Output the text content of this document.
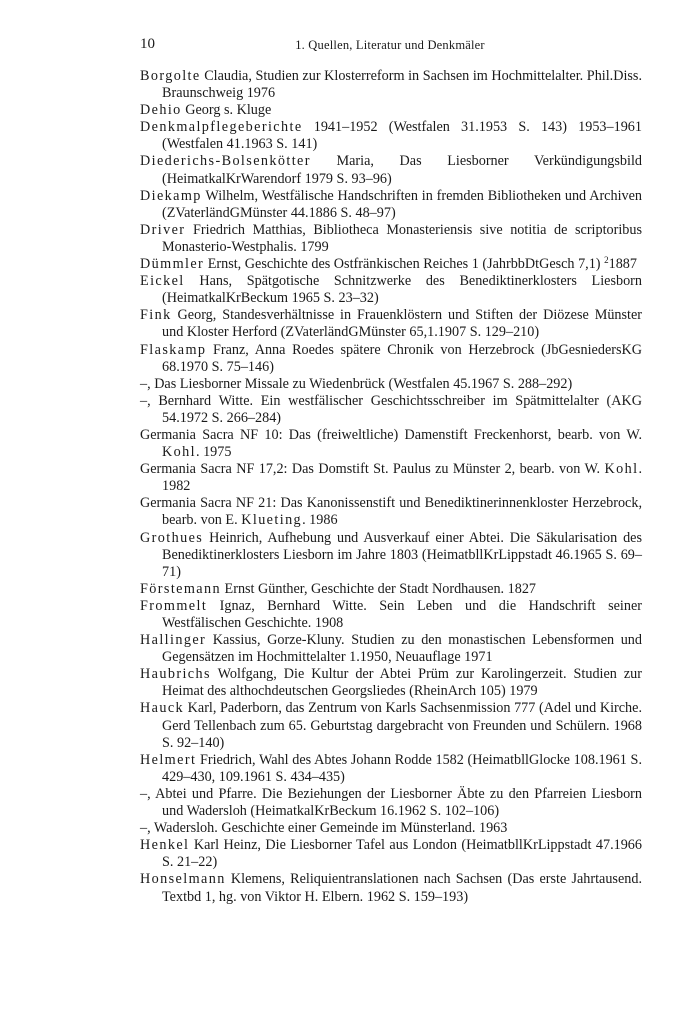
10	1. Quellen, Literatur und Denkmäler

Borgolte Claudia, Studien zur Klosterreform in Sachsen im Hochmittelalter. Phil.Diss. Braunschweig 1976

Dehio Georg s. Kluge

Denkmalpflegeberichte 1941–1952 (Westfalen 31.1953 S. 143) 1953–1961 (Westfalen 41.1963 S. 141)

Diederichs-Bolsenkötter Maria, Das Liesborner Verkündigungsbild (HeimatkalKrWarendorf 1979 S. 93–96)

Diekamp Wilhelm, Westfälische Handschriften in fremden Bibliotheken und Archiven (ZVaterländGMünster 44.1886 S. 48–97)

Driver Friedrich Matthias, Bibliotheca Monasteriensis sive notitia de scriptoribus Monasterio-Westphalis. 1799

Dümmler Ernst, Geschichte des Ostfränkischen Reiches 1 (JahrbbDtGesch 7,1) $^2$1887

Eickel Hans, Spätgotische Schnitzwerke des Benediktinerklosters Liesborn (HeimatkalKrBeckum 1965 S. 23–32)

Fink Georg, Standesverhältnisse in Frauenklöstern und Stiften der Diözese Münster und Kloster Herford (ZVaterländGMünster 65,1.1907 S. 129–210)

Flaskamp Franz, Anna Roedes spätere Chronik von Herzebrock (JbGesniedersKG 68.1970 S. 75–146)

–, Das Liesborner Missale zu Wiedenbrück (Westfalen 45.1967 S. 288–292)

–, Bernhard Witte. Ein westfälischer Geschichtsschreiber im Spätmittelalter (AKG 54.1972 S. 266–284)

Germania Sacra NF 10: Das (freiweltliche) Damenstift Freckenhorst, bearb. von W. Kohl. 1975

Germania Sacra NF 17,2: Das Domstift St. Paulus zu Münster 2, bearb. von W. Kohl. 1982

Germania Sacra NF 21: Das Kanonissenstift und Benediktinerinnenkloster Herzebrock, bearb. von E. Klueting. 1986

Grothues Heinrich, Aufhebung und Ausverkauf einer Abtei. Die Säkularisation des Benediktinerklosters Liesborn im Jahre 1803 (HeimatbllKrLippstadt 46.1965 S. 69–71)

Förstemann Ernst Günther, Geschichte der Stadt Nordhausen. 1827

Frommelt Ignaz, Bernhard Witte. Sein Leben und die Handschrift seiner Westfälischen Geschichte. 1908

Hallinger Kassius, Gorze-Kluny. Studien zu den monastischen Lebensformen und Gegensätzen im Hochmittelalter 1.1950, Neuauflage 1971

Haubrichs Wolfgang, Die Kultur der Abtei Prüm zur Karolingerzeit. Studien zur Heimat des althochdeutschen Georgsliedes (RheinArch 105) 1979

Hauck Karl, Paderborn, das Zentrum von Karls Sachsenmission 777 (Adel und Kirche. Gerd Tellenbach zum 65. Geburtstag dargebracht von Freunden und Schülern. 1968 S. 92–140)

Helmert Friedrich, Wahl des Abtes Johann Rodde 1582 (HeimatbllGlocke 108.1961 S. 429–430, 109.1961 S. 434–435)

–, Abtei und Pfarre. Die Beziehungen der Liesborner Äbte zu den Pfarreien Liesborn und Wadersloh (HeimatkalKrBeckum 16.1962 S. 102–106)

–, Wadersloh. Geschichte einer Gemeinde im Münsterland. 1963

Henkel Karl Heinz, Die Liesborner Tafel aus London (HeimatbllKrLippstadt 47.1966 S. 21–22)

Honselmann Klemens, Reliquientranslationen nach Sachsen (Das erste Jahrtausend. Textbd 1, hg. von Viktor H. Elbern. 1962 S. 159–193)
